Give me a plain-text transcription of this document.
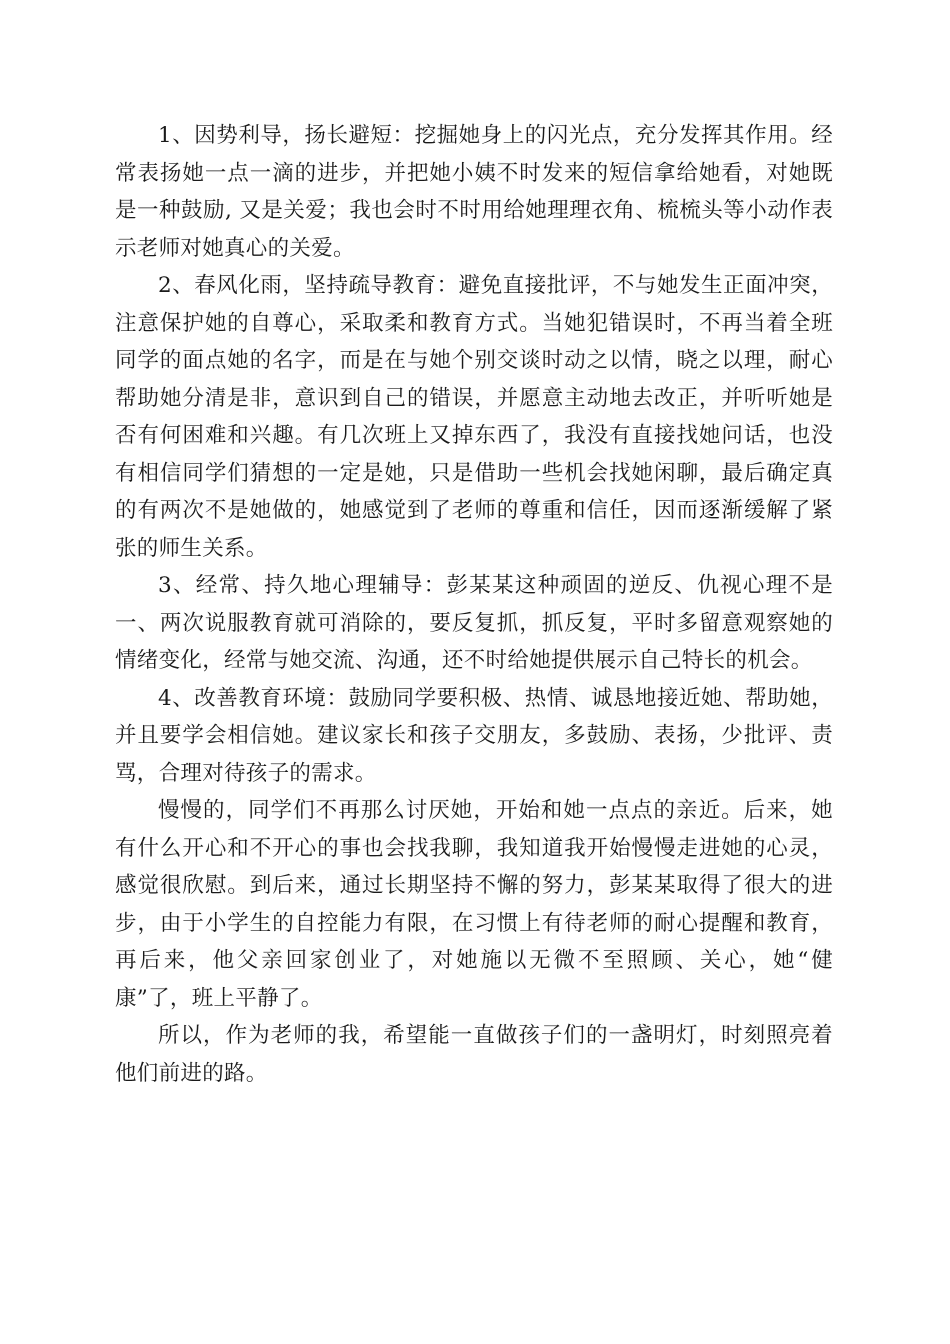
1、因势利导，扬长避短：挖掘她身上的闪光点，充分发挥其作用。经常表扬她一点一滴的进步，并把她小姨不时发来的短信拿给她看，对她既是一种鼓励, 又是关爱；我也会时不时用给她理理衣角、梳梳头等小动作表示老师对她真心的关爱。

2、春风化雨，坚持疏导教育：避免直接批评，不与她发生正面冲突，注意保护她的自尊心，采取柔和教育方式。当她犯错误时，不再当着全班同学的面点她的名字，而是在与她个别交谈时动之以情，晓之以理，耐心帮助她分清是非，意识到自己的错误，并愿意主动地去改正，并听听她是否有何困难和兴趣。有几次班上又掉东西了，我没有直接找她问话，也没有相信同学们猜想的一定是她，只是借助一些机会找她闲聊，最后确定真的有两次不是她做的，她感觉到了老师的尊重和信任，因而逐渐缓解了紧张的师生关系。

3、经常、持久地心理辅导：彭某某这种顽固的逆反、仇视心理不是一、两次说服教育就可消除的，要反复抓，抓反复，平时多留意观察她的情绪变化，经常与她交流、沟通，还不时给她提供展示自己特长的机会。

4、改善教育环境：鼓励同学要积极、热情、诚恳地接近她、帮助她，并且要学会相信她。建议家长和孩子交朋友，多鼓励、表扬，少批评、责骂，合理对待孩子的需求。

慢慢的，同学们不再那么讨厌她，开始和她一点点的亲近。后来，她有什么开心和不开心的事也会找我聊，我知道我开始慢慢走进她的心灵，感觉很欣慰。到后来，通过长期坚持不懈的努力，彭某某取得了很大的进步，由于小学生的自控能力有限，在习惯上有待老师的耐心提醒和教育，再后来，他父亲回家创业了，对她施以无微不至照顾、关心，她“健康”了，班上平静了。

所以，作为老师的我，希望能一直做孩子们的一盏明灯，时刻照亮着他们前进的路。
